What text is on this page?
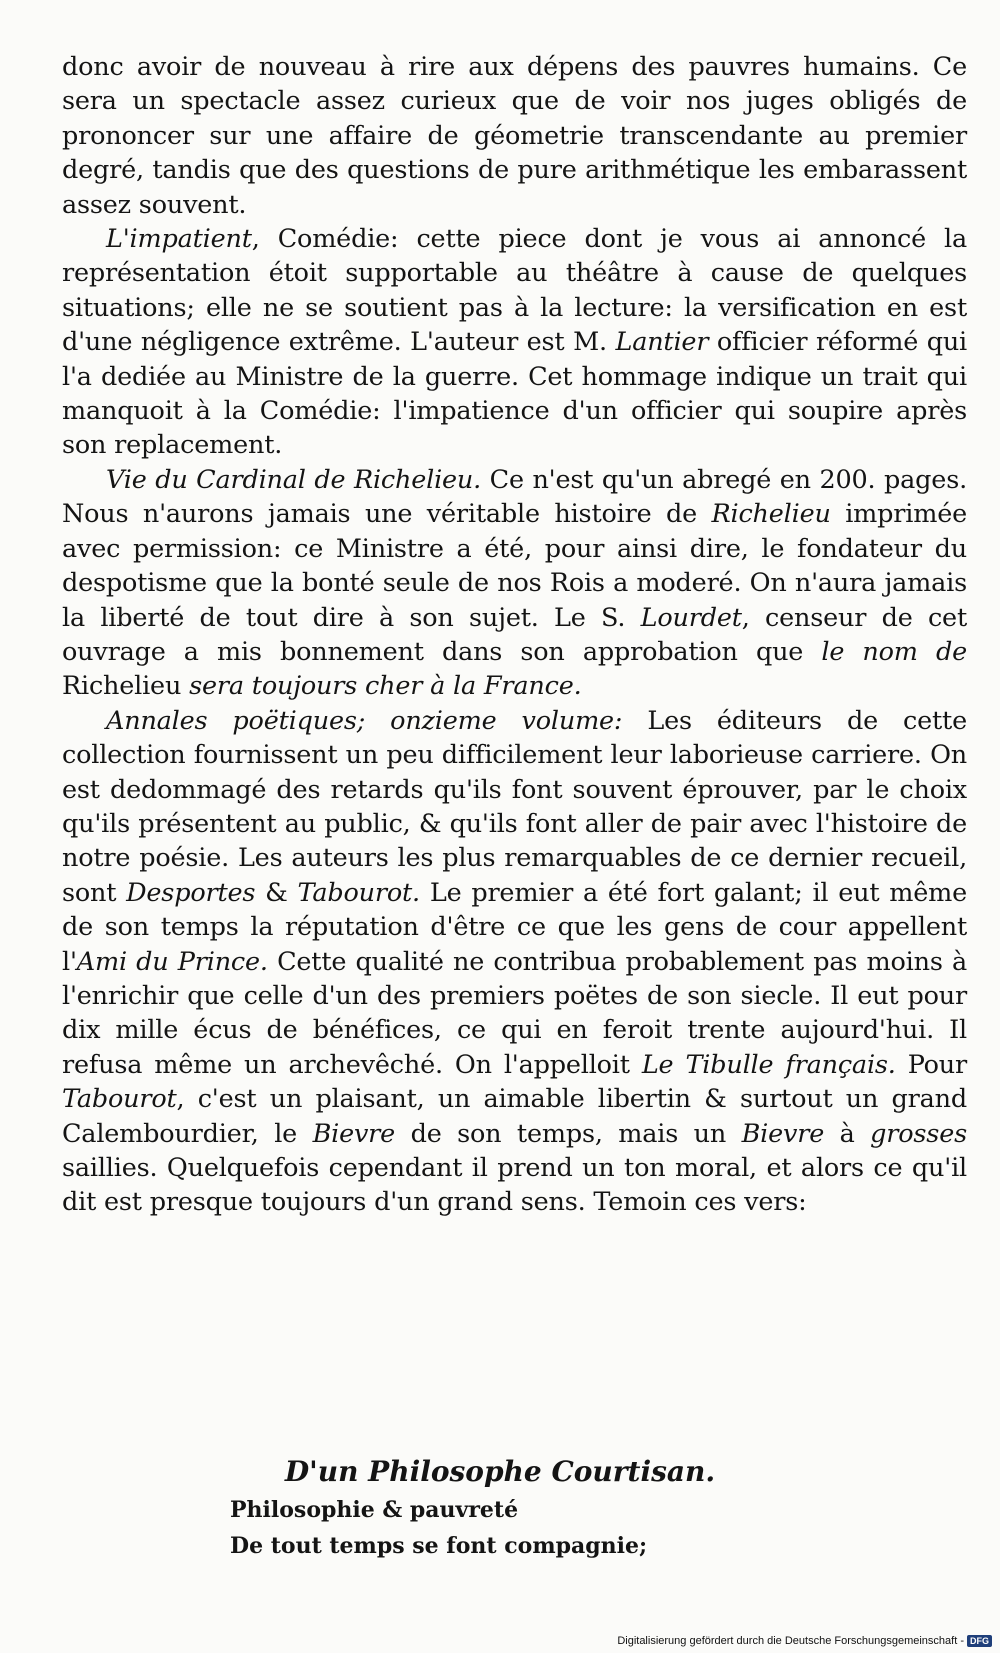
donc avoir de nouveau à rire aux dépens des pauvres humains. Ce sera un spectacle assez curieux que de voir nos juges obligés de prononcer sur une affaire de géometrie transcendante au premier degré, tandis que des questions de pure arithmétique les embarassent assez souvent.

L'impatient, Comédie: cette piece dont je vous ai annoncé la représentation étoit supportable au théâtre à cause de quelques situations; elle ne se soutient pas à la lecture: la versification en est d'une négligence extrême. L'auteur est M. Lantier officier réformé qui l'a dediée au Ministre de la guerre. Cet hommage indique un trait qui manquoit à la Comédie: l'impatience d'un officier qui soupire après son replacement.

Vie du Cardinal de Richelieu. Ce n'est qu'un abregé en 200. pages. Nous n'aurons jamais une véritable histoire de Richelieu imprimée avec permission: ce Ministre a été, pour ainsi dire, le fondateur du despotisme que la bonté seule de nos Rois a moderé. On n'aura jamais la liberté de tout dire à son sujet. Le S. Lourdet, censeur de cet ouvrage a mis bonnement dans son approbation que le nom de Richelieu sera toujours cher à la France.

Annales poëtiques; onzieme volume: Les éditeurs de cette collection fournissent un peu difficilement leur laborieuse carriere. On est dedommagé des retards qu'ils font souvent éprouver, par le choix qu'ils présentent au public, & qu'ils font aller de pair avec l'histoire de notre poésie. Les auteurs les plus remarquables de ce dernier recueil, sont Desportes & Tabourot. Le premier a été fort galant; il eut même de son temps la réputation d'être ce que les gens de cour appellent l'Ami du Prince. Cette qualité ne contribua probablement pas moins à l'enrichir que celle d'un des premiers poëtes de son siecle. Il eut pour dix mille écus de bénéfices, ce qui en feroit trente aujourd'hui. Il refusa même un archevêché. On l'appelloit Le Tibulle français. Pour Tabourot, c'est un plaisant, un aimable libertin & surtout un grand Calembourdier, le Bievre de son temps, mais un Bievre à grosses saillies. Quelquefois cependant il prend un ton moral, et alors ce qu'il dit est presque toujours d'un grand sens. Temoin ces vers:

D'un Philosophe Courtisan.
Philosophie & pauvreté
De tout temps se font compagnie;
Digitalisierung gefördert durch die Deutsche Forschungsgemeinschaft - DFG
